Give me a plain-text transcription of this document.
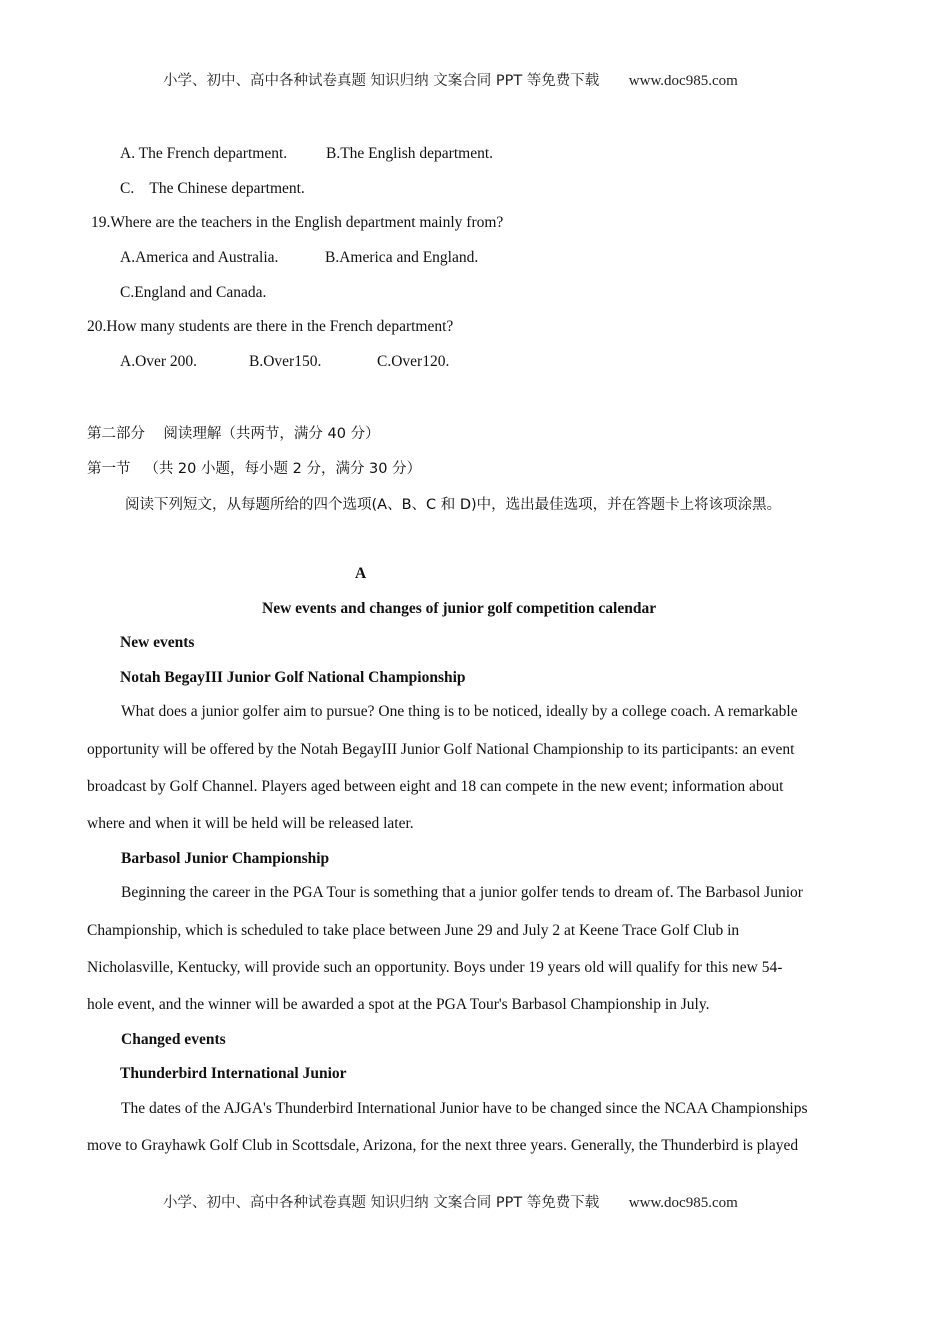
小学、初中、高中各种试卷真题 知识归纳 文案合同 PPT 等免费下载 www.doc985.com
A. The French department.	B.The English department.
C.    The Chinese department.
19.Where are the teachers in the English department mainly from?
A.America and Australia.	B.America and England.
C.England and Canada.
20.How many students are there in the French department?
A.Over 200.	B.Over150.	C.Over120.
第二部分    阅读理解（共两节，满分 40 分）
第一节   （共 20 小题，每小题 2 分，满分 30 分）
阅读下列短文，从每题所给的四个选项(A、B、C 和 D)中，选出最佳选项，并在答题卡上将该项涂黑。
A
New events and changes of junior golf competition calendar
New events
Notah BegayIII Junior Golf National Championship
What does a junior golfer aim to pursue? One thing is to be noticed, ideally by a college coach. A remarkable
opportunity will be offered by the Notah BegayIII Junior Golf National Championship to its participants: an event
broadcast by Golf Channel. Players aged between eight and 18 can compete in the new event; information about
where and when it will be held will be released later.
Barbasol Junior Championship
Beginning the career in the PGA Tour is something that a junior golfer tends to dream of. The Barbasol Junior
Championship, which is scheduled to take place between June 29 and July 2 at Keene Trace Golf Club in
Nicholasville, Kentucky, will provide such an opportunity. Boys under 19 years old will qualify for this new 54-
hole event, and the winner will be awarded a spot at the PGA Tour's Barbasol Championship in July.
Changed events
Thunderbird International Junior
The dates of the AJGA's Thunderbird International Junior have to be changed since the NCAA Championships
move to Grayhawk Golf Club in Scottsdale, Arizona, for the next three years. Generally, the Thunderbird is played
小学、初中、高中各种试卷真题 知识归纳 文案合同 PPT 等免费下载 www.doc985.com
